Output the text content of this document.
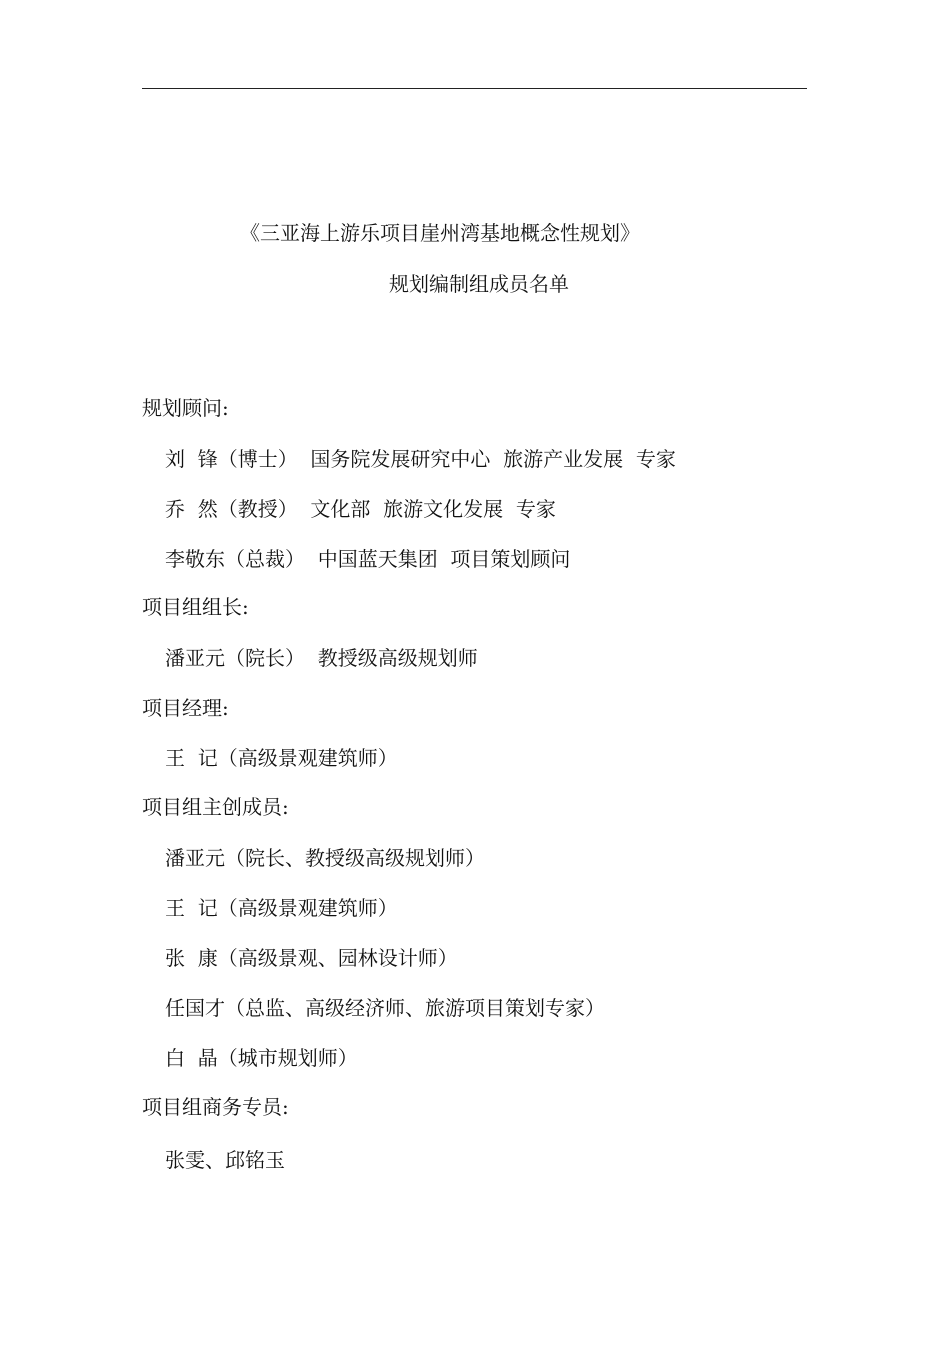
《三亚海上游乐项目崖州湾基地概念性规划》
规划编制组成员名单
规划顾问:
刘  锋（博士）  国务院发展研究中心  旅游产业发展  专家
乔  然（教授）  文化部  旅游文化发展  专家
李敬东（总裁）  中国蓝天集团  项目策划顾问
项目组组长:
潘亚元（院长）  教授级高级规划师
项目经理:
王  记（高级景观建筑师）
项目组主创成员:
潘亚元（院长、教授级高级规划师）
王  记（高级景观建筑师）
张  康（高级景观、园林设计师）
任国才（总监、高级经济师、旅游项目策划专家）
白  晶（城市规划师）
项目组商务专员:
张雯、邱铭玉
